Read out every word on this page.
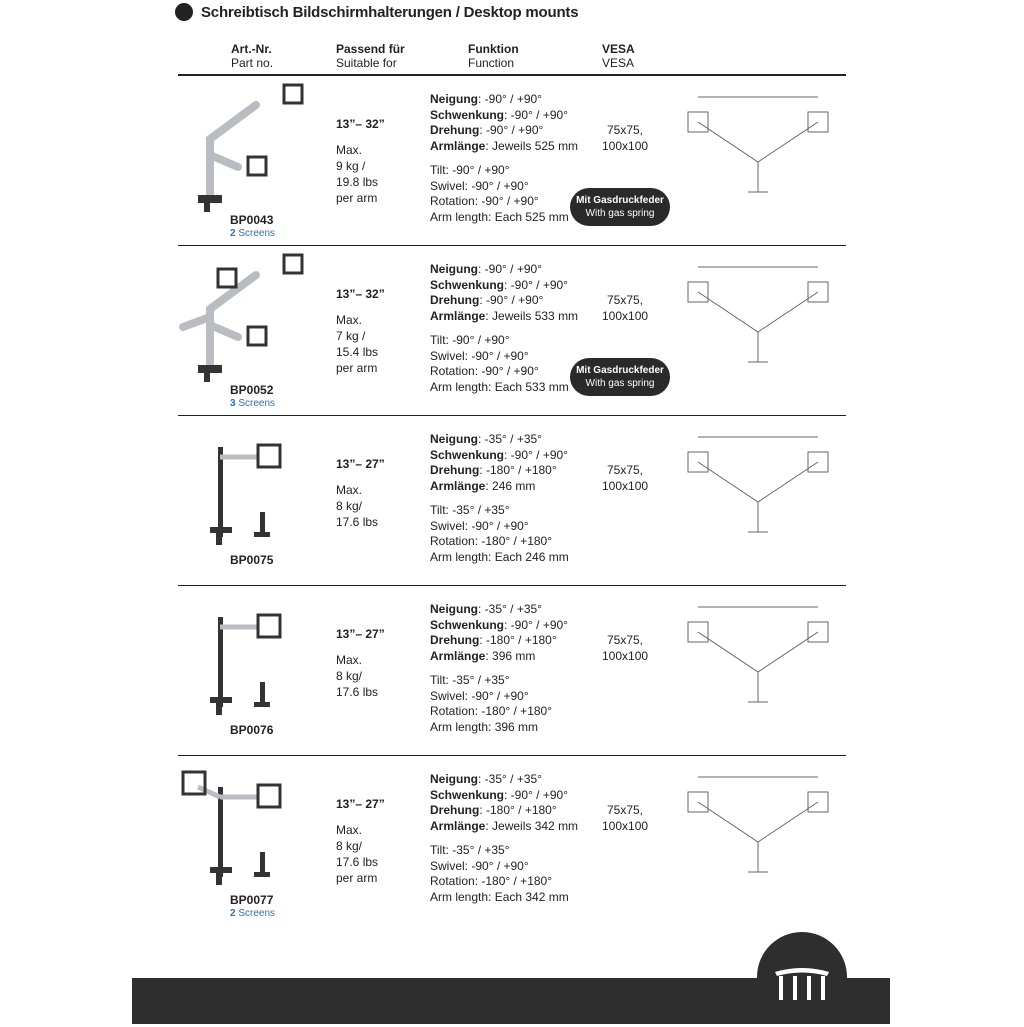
Schreibtisch Bildschirmhalterungen / Desktop mounts
Art.-Nr.
Part no.
Passend für
Suitable for
Funktion
Function
VESA
VESA
BP0043
2 Screens
13”– 32”
Max.
9 kg /
19.8 lbs
per arm
Neigung: -90° / +90°
Schwenkung: -90° / +90°
Drehung: -90° / +90°
Armlänge: Jeweils 525 mm
Tilt: -90° / +90°
Swivel: -90° / +90°
Rotation: -90° / +90°
Arm length: Each 525 mm
75x75,
100x100
Mit Gasdruckfeder
With gas spring
BP0052
3 Screens
13”– 32”
Max.
7 kg /
15.4 lbs
per arm
Neigung: -90° / +90°
Schwenkung: -90° / +90°
Drehung: -90° / +90°
Armlänge: Jeweils 533 mm
Tilt: -90° / +90°
Swivel: -90° / +90°
Rotation: -90° / +90°
Arm length: Each 533 mm
75x75,
100x100
Mit Gasdruckfeder
With gas spring
BP0075
13”– 27”
Max.
8 kg/
17.6 lbs
Neigung: -35° / +35°
Schwenkung: -90° / +90°
Drehung: -180° / +180°
Armlänge: 246 mm
Tilt: -35° / +35°
Swivel: -90° / +90°
Rotation: -180° / +180°
Arm length: Each 246 mm
75x75,
100x100
BP0076
13”– 27”
Max.
8 kg/
17.6 lbs
Neigung: -35° / +35°
Schwenkung: -90° / +90°
Drehung: -180° / +180°
Armlänge: 396 mm
Tilt: -35° / +35°
Swivel: -90° / +90°
Rotation: -180° / +180°
Arm length: 396 mm
75x75,
100x100
BP0077
2 Screens
13”– 27”
Max.
8 kg/
17.6 lbs
per arm
Neigung: -35° / +35°
Schwenkung: -90° / +90°
Drehung: -180° / +180°
Armlänge: Jeweils 342 mm
Tilt: -35° / +35°
Swivel: -90° / +90°
Rotation: -180° / +180°
Arm length: Each 342 mm
75x75,
100x100
